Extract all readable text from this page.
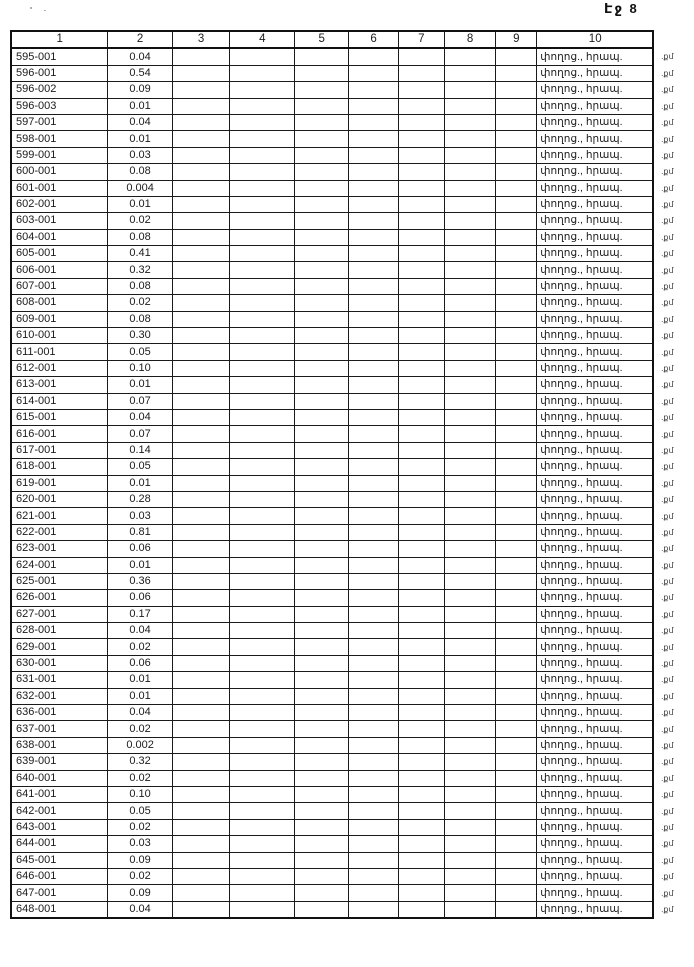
Էջ 8
1	2	3	4	5	6	7	8	9	10	
595-001	0.04								փողոց., հրապ.	.քմ
596-001	0.54								փողոց., հրապ.	.քմ
596-002	0.09								փողոց., հրապ.	.քմ
596-003	0.01								փողոց., հրապ.	.քմ
597-001	0.04								փողոց., հրապ.	.քմ
598-001	0.01								փողոց., հրապ.	.քմ
599-001	0.03								փողոց., հրապ.	.քմ
600-001	0.08								փողոց., հրապ.	.քմ
601-001	0.004								փողոց., հրապ.	.քմ
602-001	0.01								փողոց., հրապ.	.քմ
603-001	0.02								փողոց., հրապ.	.քմ
604-001	0.08								փողոց., հրապ.	.քմ
605-001	0.41								փողոց., հրապ.	.քմ
606-001	0.32								փողոց., հրապ.	.քմ
607-001	0.08								փողոց., հրապ.	.քմ
608-001	0.02								փողոց., հրապ.	.քմ
609-001	0.08								փողոց., հրապ.	.քմ
610-001	0.30								փողոց., հրապ.	.քմ
611-001	0.05								փողոց., հրապ.	.քմ
612-001	0.10								փողոց., հրապ.	.քմ
613-001	0.01								փողոց., հրապ.	.քմ
614-001	0.07								փողոց., հրապ.	.քմ
615-001	0.04								փողոց., հրապ.	.քմ
616-001	0.07								փողոց., հրապ.	.քմ
617-001	0.14								փողոց., հրապ.	.քմ
618-001	0.05								փողոց., հրապ.	.քմ
619-001	0.01								փողոց., հրապ.	.քմ
620-001	0.28								փողոց., հրապ.	.քմ
621-001	0.03								փողոց., հրապ.	.քմ
622-001	0.81								փողոց., հրապ.	.քմ
623-001	0.06								փողոց., հրապ.	.քմ
624-001	0.01								փողոց., հրապ.	.քմ
625-001	0.36								փողոց., հրապ.	.քմ
626-001	0.06								փողոց., հրապ.	.քմ
627-001	0.17								փողոց., հրապ.	.քմ
628-001	0.04								փողոց., հրապ.	.քմ
629-001	0.02								փողոց., հրապ.	.քմ
630-001	0.06								փողոց., հրապ.	.քմ
631-001	0.01								փողոց., հրապ.	.քմ
632-001	0.01								փողոց., հրապ.	.քմ
636-001	0.04								փողոց., հրապ.	.քմ
637-001	0.02								փողոց., հրապ.	.քմ
638-001	0.002								փողոց., հրապ.	.քմ
639-001	0.32								փողոց., հրապ.	.քմ
640-001	0.02								փողոց., հրապ.	.քմ
641-001	0.10								փողոց., հրապ.	.քմ
642-001	0.05								փողոց., հրապ.	.քմ
643-001	0.02								փողոց., հրապ.	.քմ
644-001	0.03								փողոց., հրապ.	.քմ
645-001	0.09								փողոց., հրապ.	.քմ
646-001	0.02								փողոց., հրապ.	.քմ
647-001	0.09								փողոց., հրապ.	.քմ
648-001	0.04								փողոց., հրապ.	.քմ
